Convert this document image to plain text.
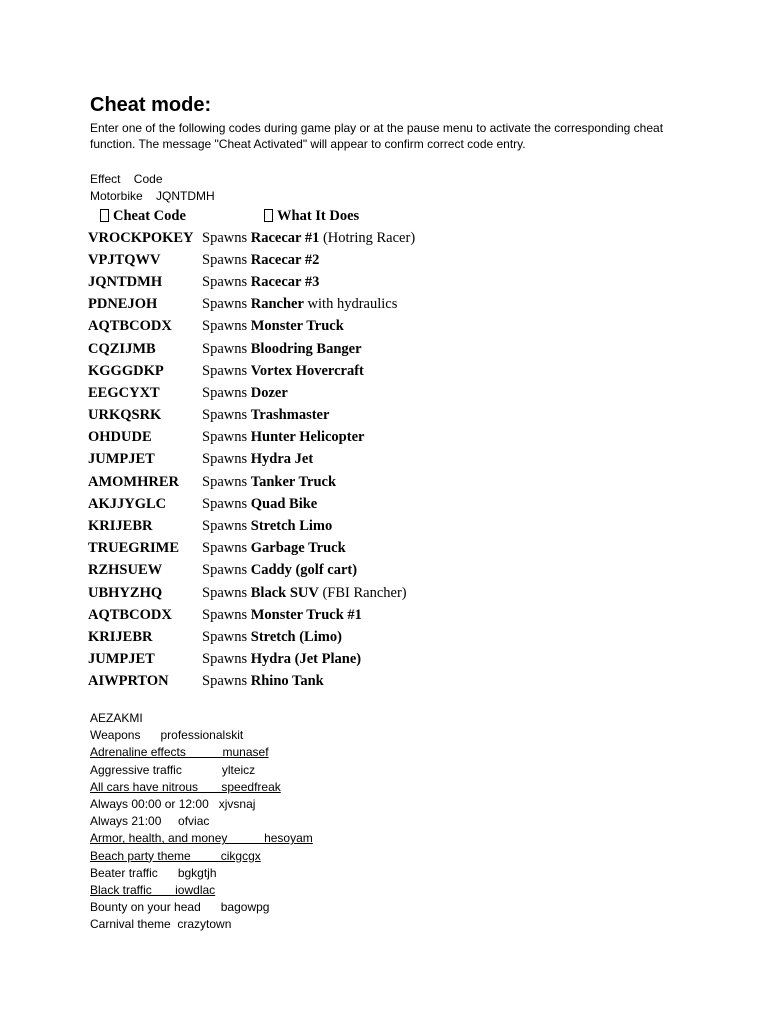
Cheat mode:

Enter one of the following codes during game play or at the pause menu to activate the corresponding cheat function. The message "Cheat Activated" will appear to confirm correct code entry.

Effect    Code
Motorbike    JQNTDMH
Cheat Code	What It Does
VROCKPOKEY	Spawns Racecar #1 (Hotring Racer)
VPJTQWV	Spawns Racecar #2
JQNTDMH	Spawns Racecar #3
PDNEJOH	Spawns Rancher with hydraulics
AQTBCODX	Spawns Monster Truck
CQZIJMB	Spawns Bloodring Banger
KGGGDKP	Spawns Vortex Hovercraft
EEGCYXT	Spawns Dozer
URKQSRK	Spawns Trashmaster
OHDUDE	Spawns Hunter Helicopter
JUMPJET	Spawns Hydra Jet
AMOMHRER	Spawns Tanker Truck
AKJJYGLC	Spawns Quad Bike
KRIJEBR	Spawns Stretch Limo
TRUEGRIME	Spawns Garbage Truck
RZHSUEW	Spawns Caddy (golf cart)
UBHYZHQ	Spawns Black SUV (FBI Rancher)
AQTBCODX	Spawns Monster Truck #1
KRIJEBR	Spawns Stretch (Limo)
JUMPJET	Spawns Hydra (Jet Plane)
AIWPRTON	Spawns Rhino Tank
AEZAKMI
Weapons      professionalskit
Adrenaline effects           munasef
Aggressive traffic            ylteicz
All cars have nitrous       speedfreak
Always 00:00 or 12:00   xjvsnaj
Always 21:00     ofviac
Armor, health, and money           hesoyam
Beach party theme         cikgcgx
Beater traffic      bgkgtjh
Black traffic       iowdlac
Bounty on your head      bagowpg
Carnival theme  crazytown
